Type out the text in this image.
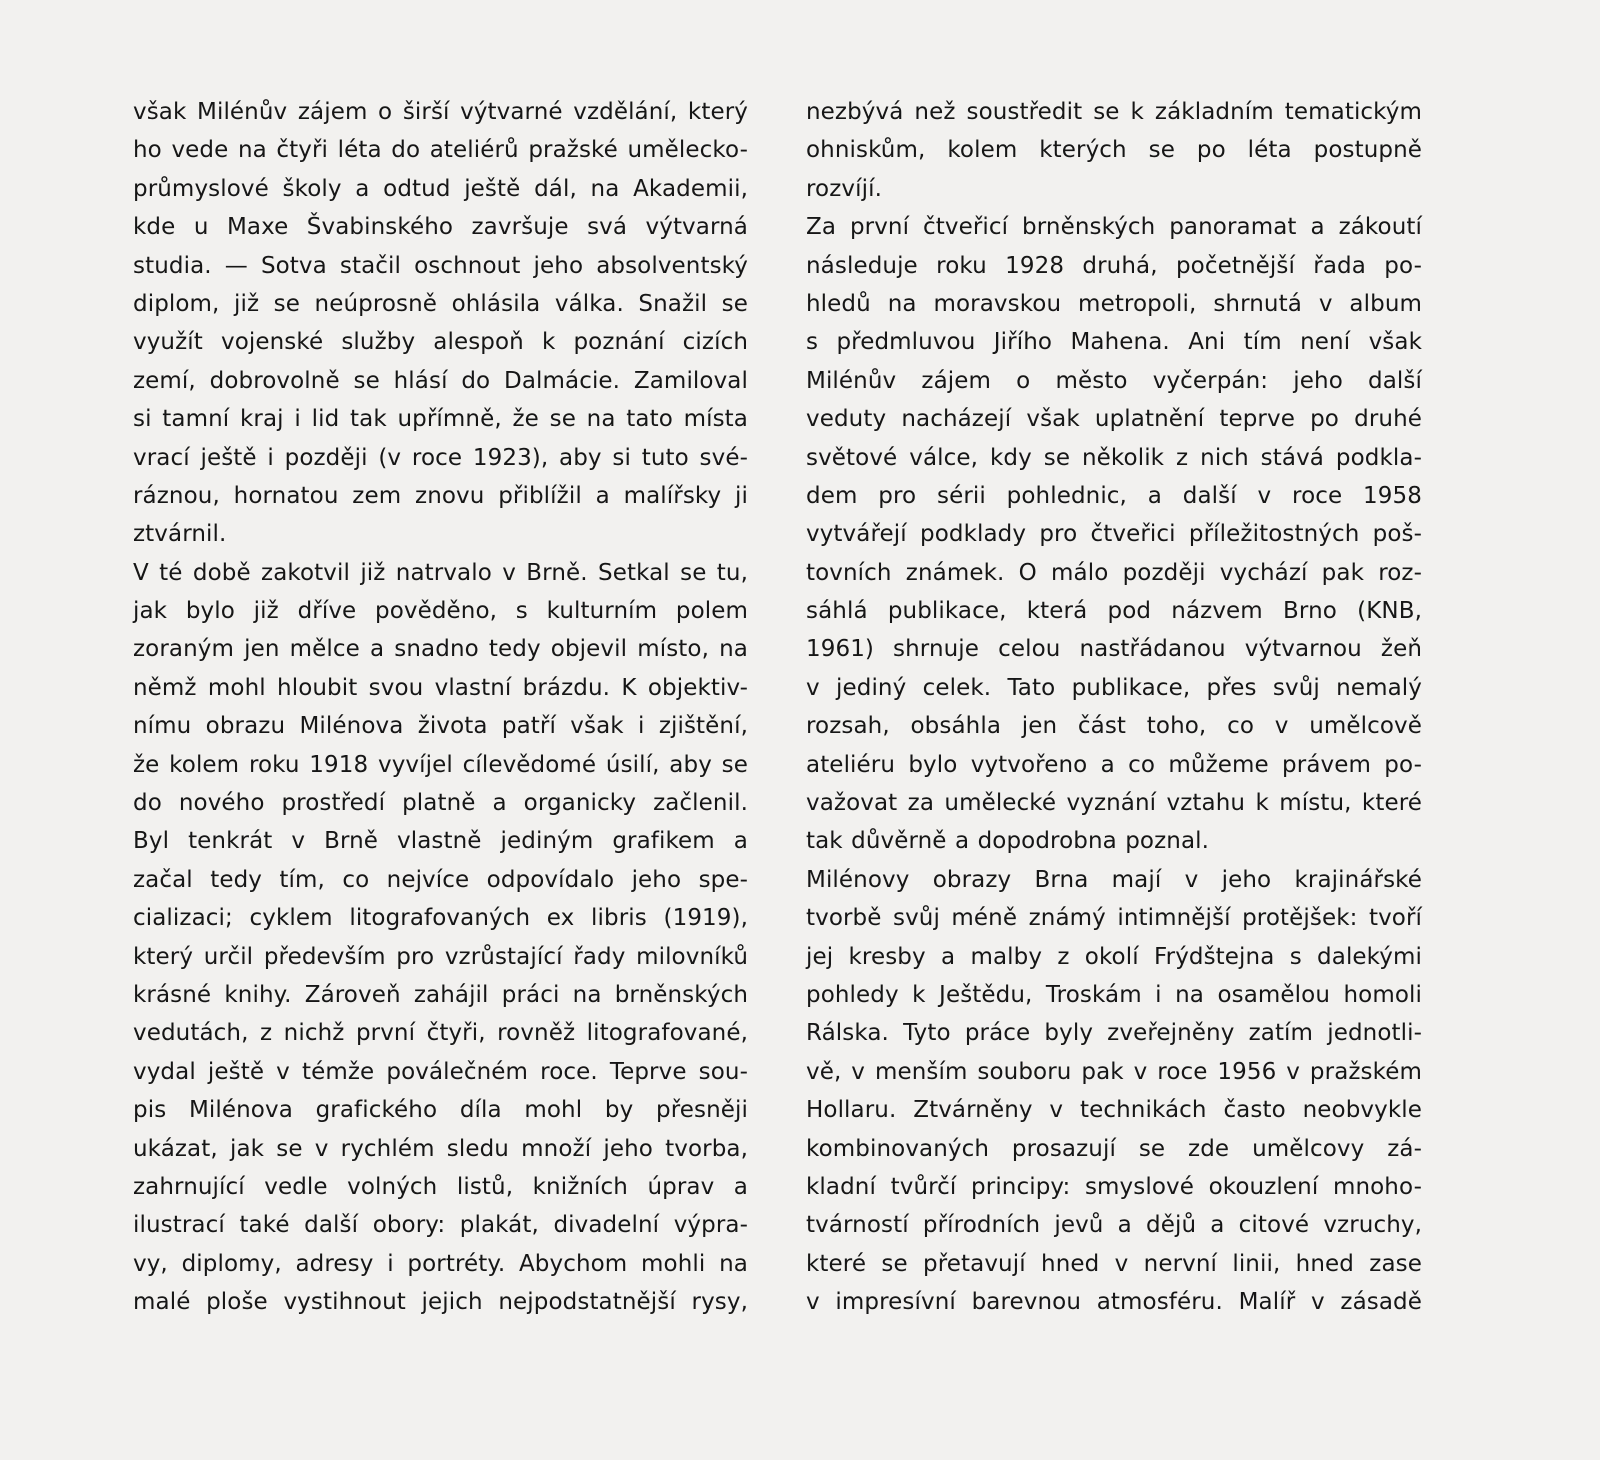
však Milénův zájem o širší výtvarné vzdělání, který
ho vede na čtyři léta do ateliérů pražské umělecko-
průmyslové školy a odtud ještě dál, na Akademii,
kde u Maxe Švabinského završuje svá výtvarná
studia. — Sotva stačil oschnout jeho absolventský
diplom, již se neúprosně ohlásila válka. Snažil se
využít vojenské služby alespoň k poznání cizích
zemí, dobrovolně se hlásí do Dalmácie. Zamiloval
si tamní kraj i lid tak upřímně, že se na tato místa
vrací ještě i později (v roce 1923), aby si tuto své-
ráznou, hornatou zem znovu přiblížil a malířsky ji
ztvárnil.
V té době zakotvil již natrvalo v Brně. Setkal se tu,
jak bylo již dříve pověděno, s kulturním polem
zoraným jen mělce a snadno tedy objevil místo, na
němž mohl hloubit svou vlastní brázdu. K objektiv-
nímu obrazu Milénova života patří však i zjištění,
že kolem roku 1918 vyvíjel cílevědomé úsilí, aby se
do nového prostředí platně a organicky začlenil.
Byl tenkrát v Brně vlastně jediným grafikem a
začal tedy tím, co nejvíce odpovídalo jeho spe-
cializaci; cyklem litografovaných ex libris (1919),
který určil především pro vzrůstající řady milovníků
krásné knihy. Zároveň zahájil práci na brněnských
vedutách, z nichž první čtyři, rovněž litografované,
vydal ještě v témže poválečném roce. Teprve sou-
pis Milénova grafického díla mohl by přesněji
ukázat, jak se v rychlém sledu množí jeho tvorba,
zahrnující vedle volných listů, knižních úprav a
ilustrací také další obory: plakát, divadelní výpra-
vy, diplomy, adresy i portréty. Abychom mohli na
malé ploše vystihnout jejich nejpodstatnější rysy,
nezbývá než soustředit se k základním tematickým
ohniskům, kolem kterých se po léta postupně
rozvíjí.
Za první čtveřicí brněnských panoramat a zákoutí
následuje roku 1928 druhá, početnější řada po-
hledů na moravskou metropoli, shrnutá v album
s předmluvou Jiřího Mahena. Ani tím není však
Milénův zájem o město vyčerpán: jeho další
veduty nacházejí však uplatnění teprve po druhé
světové válce, kdy se několik z nich stává podkla-
dem pro sérii pohlednic, a další v roce 1958
vytvářejí podklady pro čtveřici příležitostných poš-
tovních známek. O málo později vychází pak roz-
sáhlá publikace, která pod názvem Brno (KNB,
1961) shrnuje celou nastřádanou výtvarnou žeň
v jediný celek. Tato publikace, přes svůj nemalý
rozsah, obsáhla jen část toho, co v umělcově
ateliéru bylo vytvořeno a co můžeme právem po-
važovat za umělecké vyznání vztahu k místu, které
tak důvěrně a dopodrobna poznal.
Milénovy obrazy Brna mají v jeho krajinářské
tvorbě svůj méně známý intimnější protějšek: tvoří
jej kresby a malby z okolí Frýdštejna s dalekými
pohledy k Ještědu, Troskám i na osamělou homoli
Rálska. Tyto práce byly zveřejněny zatím jednotli-
vě, v menším souboru pak v roce 1956 v pražském
Hollaru. Ztvárněny v technikách často neobvykle
kombinovaných prosazují se zde umělcovy zá-
kladní tvůrčí principy: smyslové okouzlení mnoho-
tvárností přírodních jevů a dějů a citové vzruchy,
které se přetavují hned v nervní linii, hned zase
v impresívní barevnou atmosféru. Malíř v zásadě
